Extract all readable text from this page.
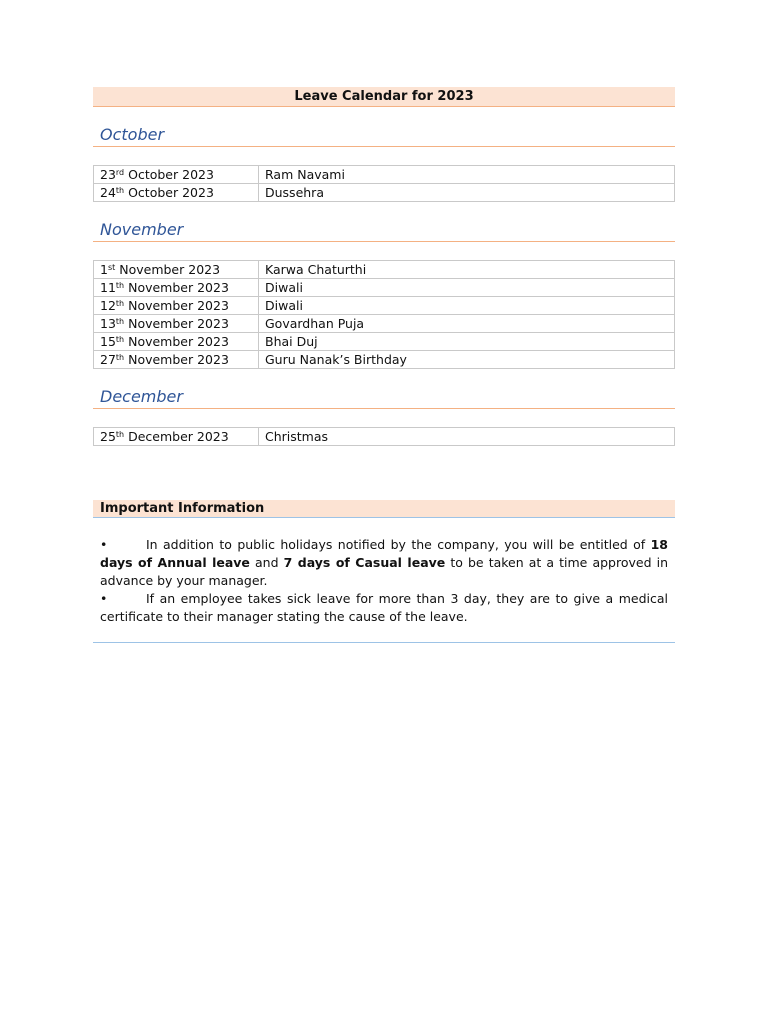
Leave Calendar for 2023
October
23rd October 2023	Ram Navami
24th October 2023	Dussehra
November
1st November 2023	Karwa Chaturthi
11th November 2023	Diwali
12th November 2023	Diwali
13th November 2023	Govardhan Puja
15th November 2023	Bhai Duj
27th November 2023	Guru Nanak’s Birthday
December
25th December 2023	Christmas
Important Information

•	In addition to public holidays notified by the company, you will be entitled of 18 days of Annual leave and 7 days of Casual leave to be taken at a time approved in advance by your manager.

•	If an employee takes sick leave for more than 3 day, they are to give a medical certificate to their manager stating the cause of the leave.
